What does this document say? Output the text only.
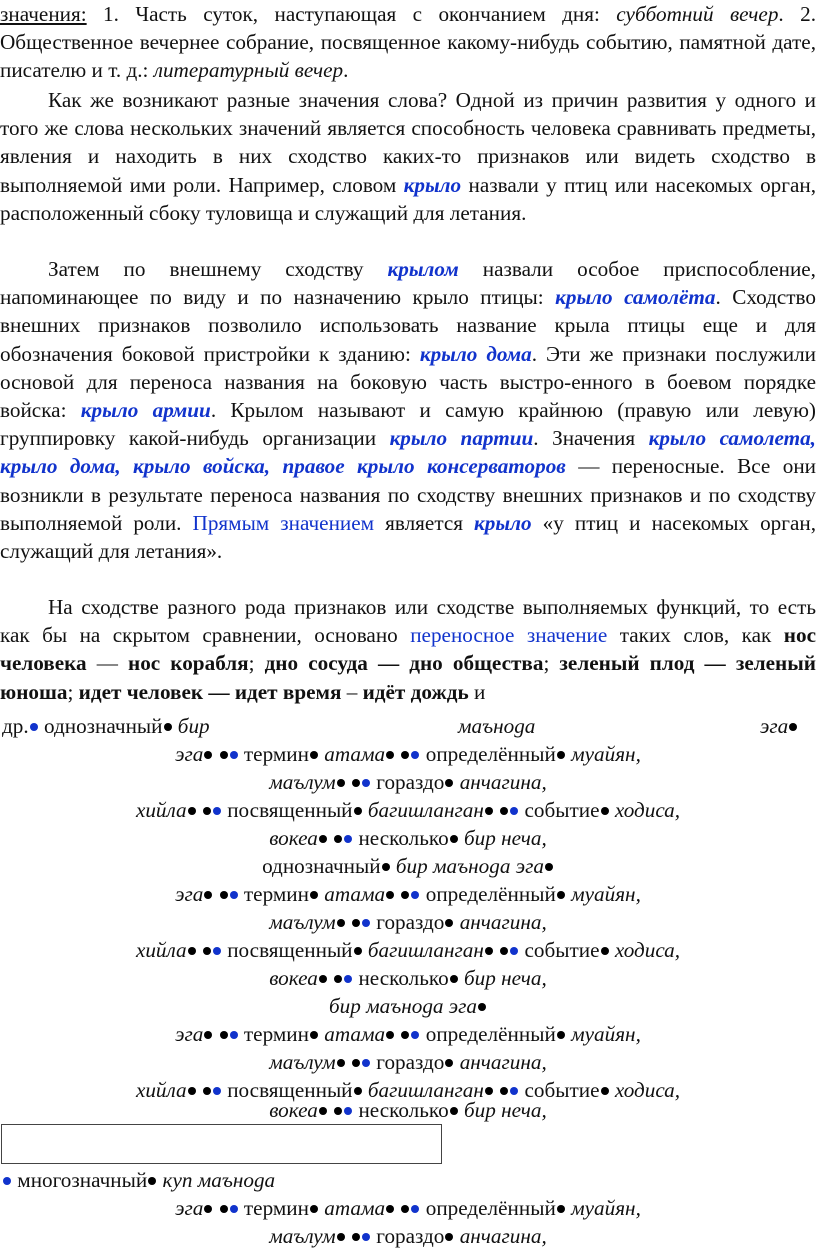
значения: 1. Часть суток, наступающая с окончанием дня: субботний вечер. 2. Общественное вечернее собрание, посвященное какому-нибудь событию, памятной дате, писателю и т. д.: литературный вечер.
Как же возникают разные значения слова? Одной из причин развития у одного и того же слова нескольких значений является способность человека сравнивать предметы, явления и находить в них сходство каких-то признаков или видеть сходство в выполняемой ими роли. Например, словом крыло назвали у птиц или насекомых орган, расположенный сбоку туловища и служащий для летания.
Затем по внешнему сходству крылом назвали особое приспособление, напоминающее по виду и по назначению крыло птицы: крыло самолёта. Сходство внешних признаков позволило использовать название крыла птицы еще и для обозначения боковой пристройки к зданию: крыло дома. Эти же признаки послужили основой для переноса названия на боковую часть выстро-енного в боевом порядке войска: крыло армии. Крылом называют и самую крайнюю (правую или левую) группировку какой-нибудь организации крыло партии. Значения крыло самолета, крыло дома, крыло войска, правое крыло консерваторов — переносные. Все они возникли в результате переноса названия по сходству внешних признаков и по сходству выполняемой роли. Прямым значением является крыло «у птиц и насекомых орган, служащий для летания».
На сходстве разного рода признаков или сходстве выполняемых функций, то есть как бы на скрытом сравнении, основано переносное значение таких слов, как нос человека — нос корабля; дно сосуда — дно общества; зеленый плод — зеленый юноша; идет человек — идет время – идёт дождь и
др. однозначный бир	маъноga	эга
эга термин атама определённый муайян,
маълум гораздо анчагина,
хийла посвященный багишланган событие ходиса,
вокеа несколько бир неча,
однозначный бир маъноga эга
эга термин атама определённый муайян,
маълум гораздо анчагина,
хийла посвященный багишланган событие ходиса,
вокеа несколько бир неча,
бир маъноga эга
эга термин атама определённый муайян,
маълум гораздо анчагина,
хийла посвященный багишланган событие ходиса,
вокеа несколько бир неча,
многозначный куп маъноga
эга термин атама определённый муайян,
маълум гораздо анчагина,
